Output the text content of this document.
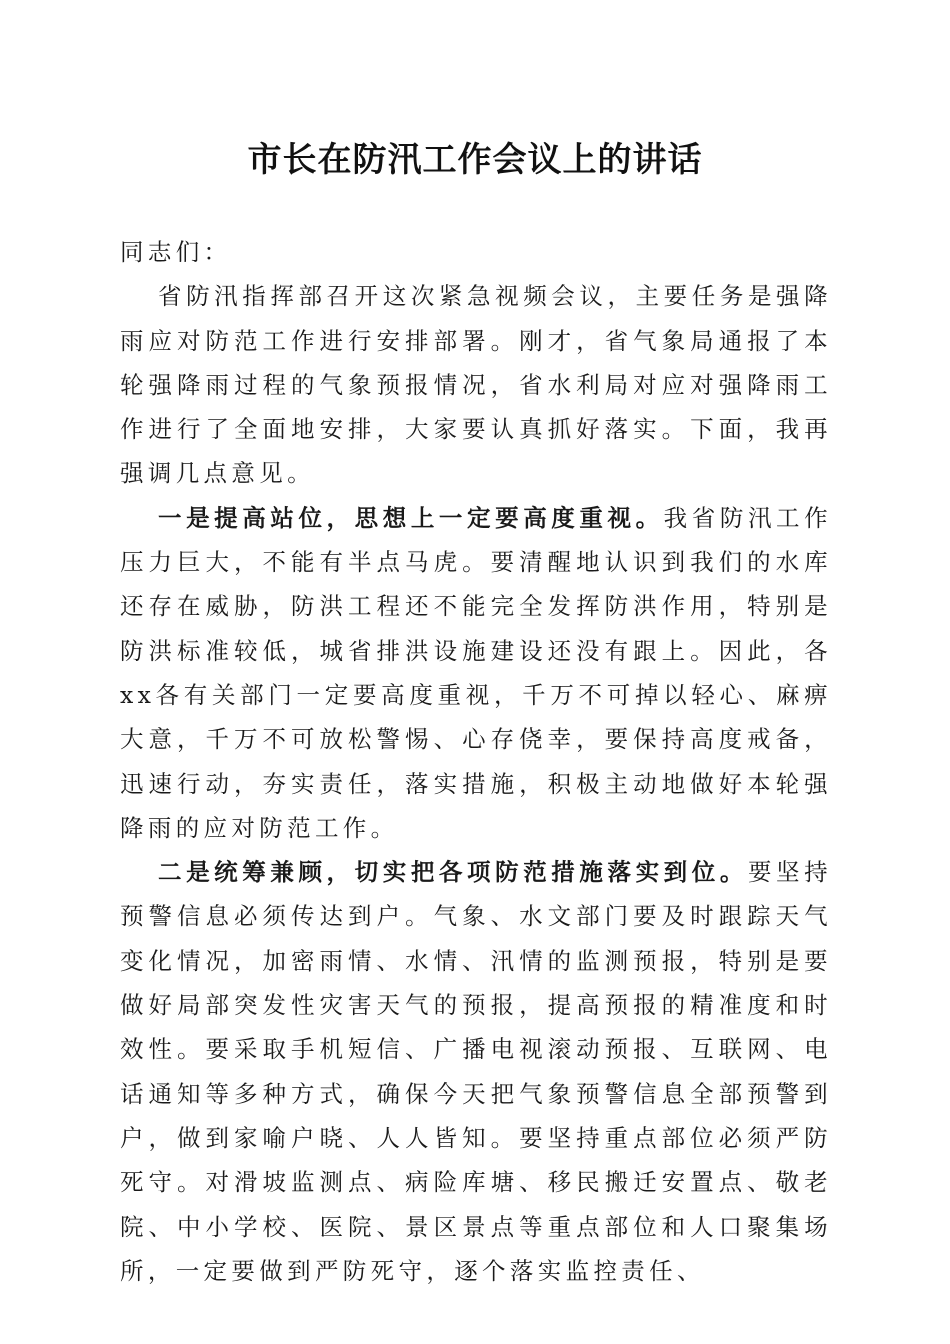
市长在防汛工作会议上的讲话

同志们：

省防汛指挥部召开这次紧急视频会议，主要任务是强降雨应对防范工作进行安排部署。刚才，省气象局通报了本轮强降雨过程的气象预报情况，省水利局对应对强降雨工作进行了全面地安排，大家要认真抓好落实。下面，我再强调几点意见。

一是提高站位，思想上一定要高度重视。我省防汛工作压力巨大，不能有半点马虎。要清醒地认识到我们的水库还存在威胁，防洪工程还不能完全发挥防洪作用，特别是防洪标准较低，城省排洪设施建设还没有跟上。因此，各xx各有关部门一定要高度重视，千万不可掉以轻心、麻痹大意，千万不可放松警惕、心存侥幸，要保持高度戒备，迅速行动，夯实责任，落实措施，积极主动地做好本轮强降雨的应对防范工作。

二是统筹兼顾，切实把各项防范措施落实到位。要坚持预警信息必须传达到户。气象、水文部门要及时跟踪天气变化情况，加密雨情、水情、汛情的监测预报，特别是要做好局部突发性灾害天气的预报，提高预报的精准度和时效性。要采取手机短信、广播电视滚动预报、互联网、电话通知等多种方式，确保今天把气象预警信息全部预警到户，做到家喻户晓、人人皆知。要坚持重点部位必须严防死守。对滑坡监测点、病险库塘、移民搬迁安置点、敬老院、中小学校、医院、景区景点等重点部位和人口聚集场所，一定要做到严防死守，逐个落实监控责任、
